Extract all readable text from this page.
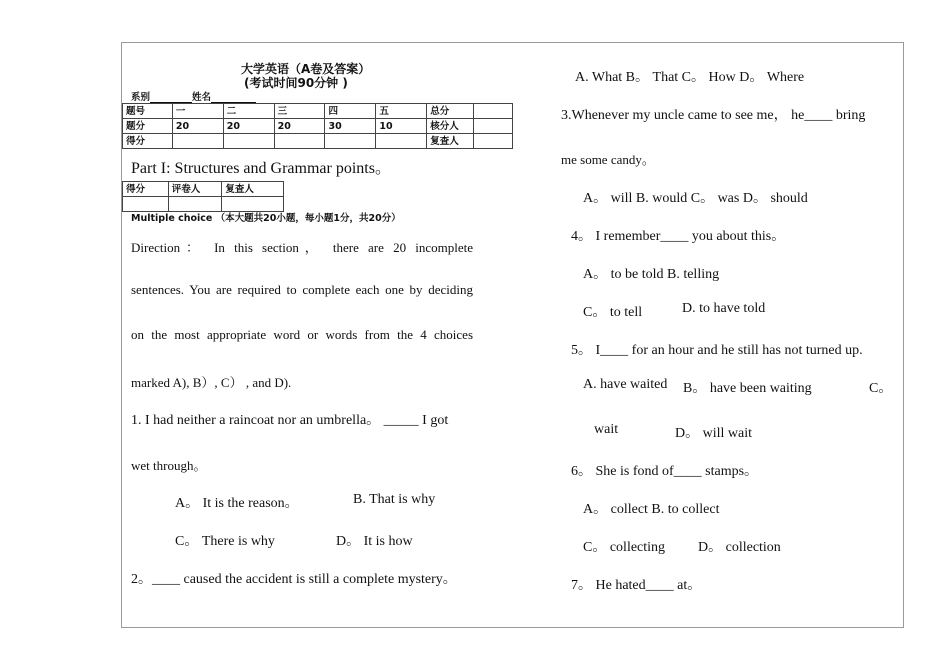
大学英语（A卷及答案）
(考试时间90分钟 )
系别	姓名
题号	一	二	三	四	五	总分	
题分	20	20	20	30	10	核分人	
得分						复查人	
Part I: Structures and Grammar points。
得分	评卷人	复查人

Multiple choice （本大题共20小题，每小题1分，共20分）
Direction： In this section， there are 20 incomplete
sentences. You are required to complete each one by deciding
on the most appropriate word or words from the 4 choices
marked A), B）, C） , and D).
1. I had neither a raincoat nor an umbrella。 _____ I got
wet through。
A。 It is the reason。	B. That is why
C。 There is why	D。 It is how
2。____ caused the accident is still a complete mystery。
A. What B。 That C。 How D。 Where
3.Whenever my uncle came to see me， he____ bring
me some candy。
A。 will B. would C。 was D。 should
4。 I remember____ you about this。
A。 to be told B. telling
C。 to tell	D. to have told
5。 I____ for an hour and he still has not turned up.
A. have waited B。 have been waiting	C。
wait	D。 will wait
6。 She is fond of____ stamps。
A。 collect B. to collect
C。 collecting D。 collection
7。 He hated____ at。
